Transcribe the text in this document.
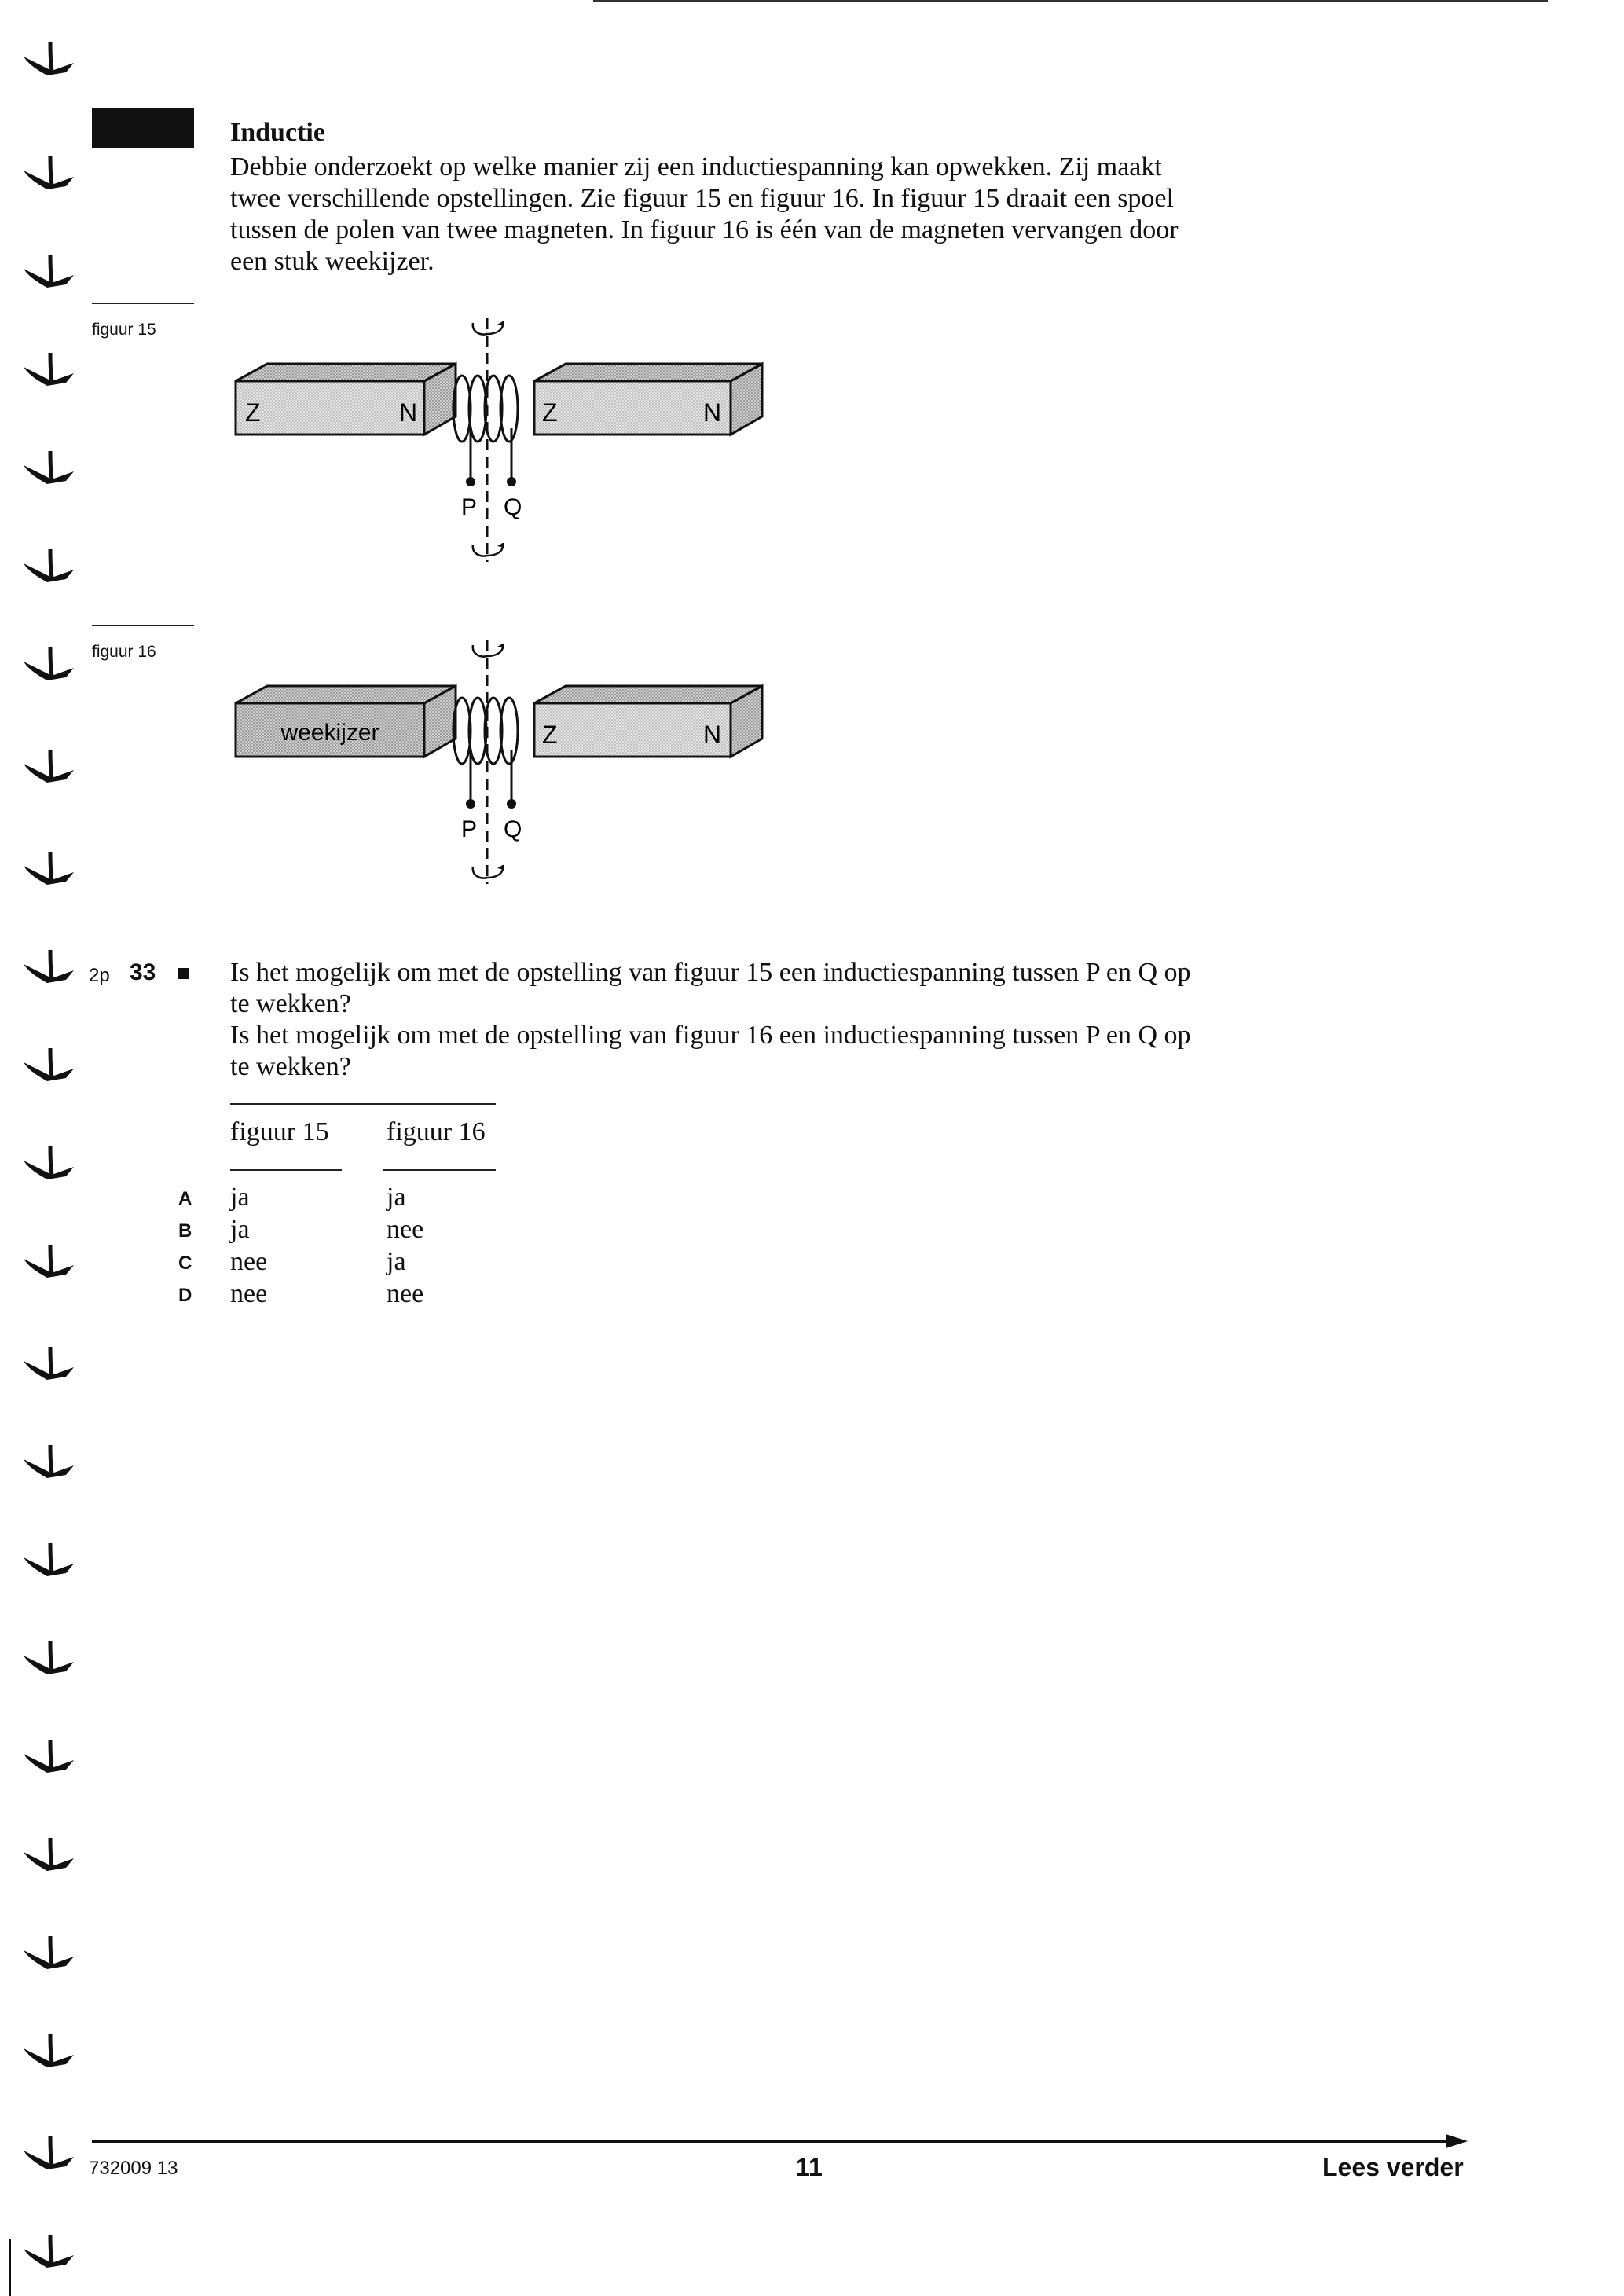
Inductie

Debbie onderzoekt op welke manier zij een inductiespanning kan opwekken. Zij maakt

twee verschillende opstellingen. Zie figuur 15 en figuur 16. In figuur 15 draait een spoel

tussen de polen van twee magneten. In figuur 16 is één van de magneten vervangen door

een stuk weekijzer.

figuur 15
Z	N	Z	N
P Q
figuur 16
weekijzer	Z	N
P Q
2p 33	Is het mogelijk om met de opstelling van figuur 15 een inductiespanning tussen P en Q op

te wekken?

Is het mogelijk om met de opstelling van figuur 16 een inductiespanning tussen P en Q op

te wekken?

figuur 15 figuur 16
A ja	ja
B ja	nee
C nee	ja
D nee	nee
732009 13	11	Lees verder
